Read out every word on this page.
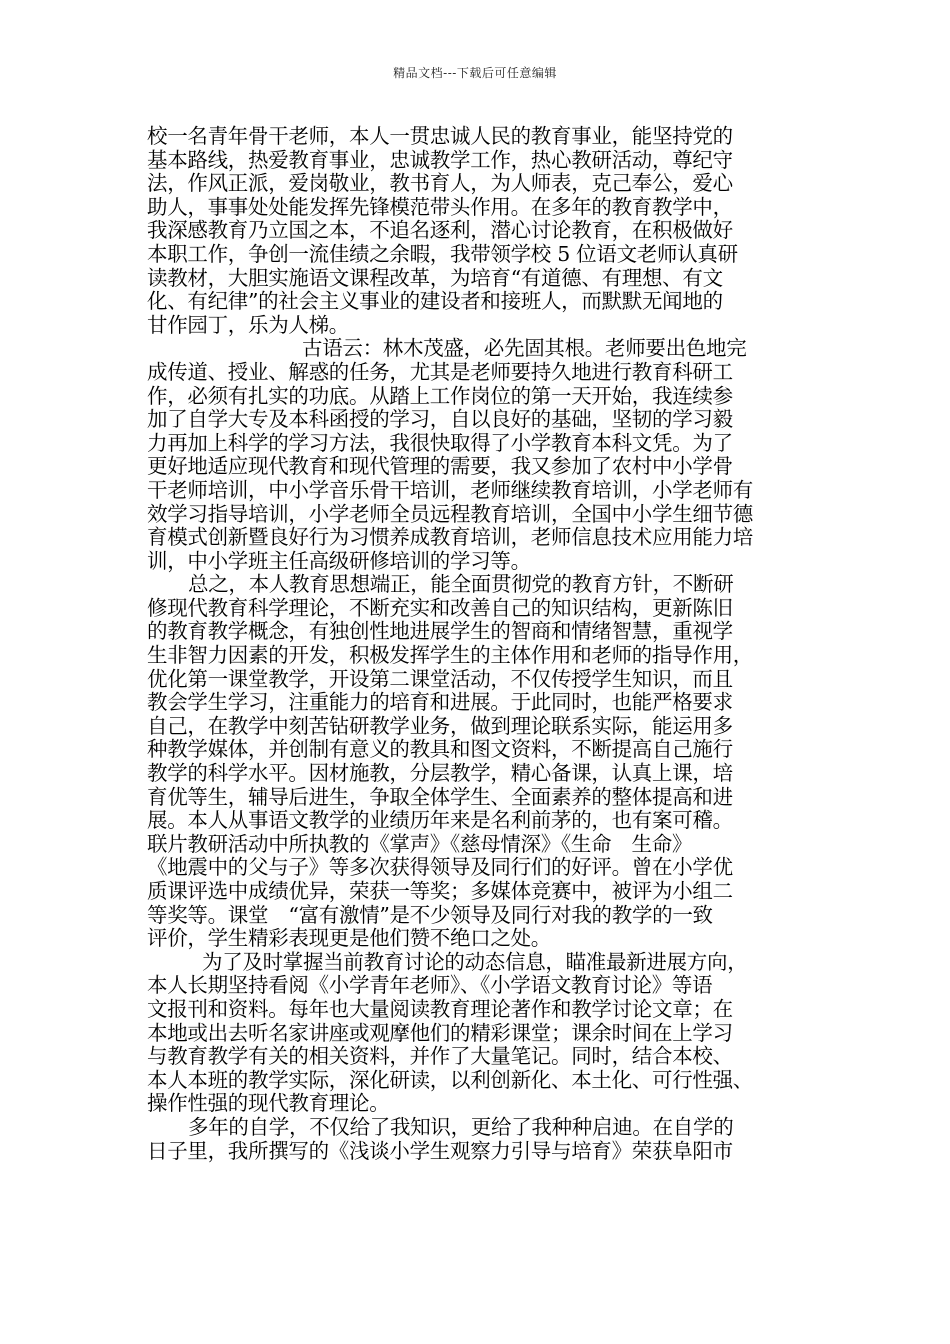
精品文档---下载后可任意编辑
校一名青年骨干老师，本人一贯忠诚人民的教育事业，能坚持党的
基本路线，热爱教育事业，忠诚教学工作，热心教研活动，尊纪守
法，作风正派，爱岗敬业，教书育人，为人师表，克己奉公，爱心
助人，事事处处能发挥先锋模范带头作用。在多年的教育教学中，
我深感教育乃立国之本，不追名逐利，潜心讨论教育，在积极做好
本职工作，争创一流佳绩之余暇，我带领学校 5 位语文老师认真研
读教材，大胆实施语文课程改革，为培育“有道德、有理想、有文
化、有纪律”的社会主义事业的建设者和接班人，而默默无闻地的
甘作园丁，乐为人梯。
古语云：林木茂盛，必先固其根。老师要出色地完
成传道、授业、解惑的任务，尤其是老师要持久地进行教育科研工
作，必须有扎实的功底。从踏上工作岗位的第一天开始，我连续参
加了自学大专及本科函授的学习，自以良好的基础，坚韧的学习毅
力再加上科学的学习方法，我很快取得了小学教育本科文凭。为了
更好地适应现代教育和现代管理的需要，我又参加了农村中小学骨
干老师培训，中小学音乐骨干培训，老师继续教育培训，小学老师有
效学习指导培训，小学老师全员远程教育培训，全国中小学生细节德
育模式创新暨良好行为习惯养成教育培训，老师信息技术应用能力培
训，中小学班主任高级研修培训的学习等。
总之，本人教育思想端正，能全面贯彻党的教育方针，不断研
修现代教育科学理论，不断充实和改善自己的知识结构，更新陈旧
的教育教学概念，有独创性地进展学生的智商和情绪智慧，重视学
生非智力因素的开发，积极发挥学生的主体作用和老师的指导作用，
优化第一课堂教学，开设第二课堂活动，不仅传授学生知识，而且
教会学生学习，注重能力的培育和进展。于此同时，也能严格要求
自己，在教学中刻苦钻研教学业务，做到理论联系实际，能运用多
种教学媒体，并创制有意义的教具和图文资料，不断提高自己施行
教学的科学水平。因材施教，分层教学，精心备课，认真上课，培
育优等生，辅导后进生，争取全体学生、全面素养的整体提高和进
展。本人从事语文教学的业绩历年来是名利前茅的，也有案可稽。
联片教研活动中所执教的《掌声》《慈母情深》《生命　生命》
《地震中的父与子》等多次获得领导及同行们的好评。曾在小学优
质课评选中成绩优异，荣获一等奖；多媒体竞赛中，被评为小组二
等奖等。课堂　“富有激情”是不少领导及同行对我的教学的一致
评价，学生精彩表现更是他们赞不绝口之处。
为了及时掌握当前教育讨论的动态信息，瞄准最新进展方向，
本人长期坚持看阅《小学青年老师》、《小学语文教育讨论》等语
文报刊和资料。每年也大量阅读教育理论著作和教学讨论文章；在
本地或出去听名家讲座或观摩他们的精彩课堂；课余时间在上学习
与教育教学有关的相关资料，并作了大量笔记。同时，结合本校、
本人本班的教学实际，深化研读，以利创新化、本土化、可行性强、
操作性强的现代教育理论。
多年的自学，不仅给了我知识，更给了我种种启迪。在自学的
日子里，我所撰写的《浅谈小学生观察力引导与培育》荣获阜阳市
